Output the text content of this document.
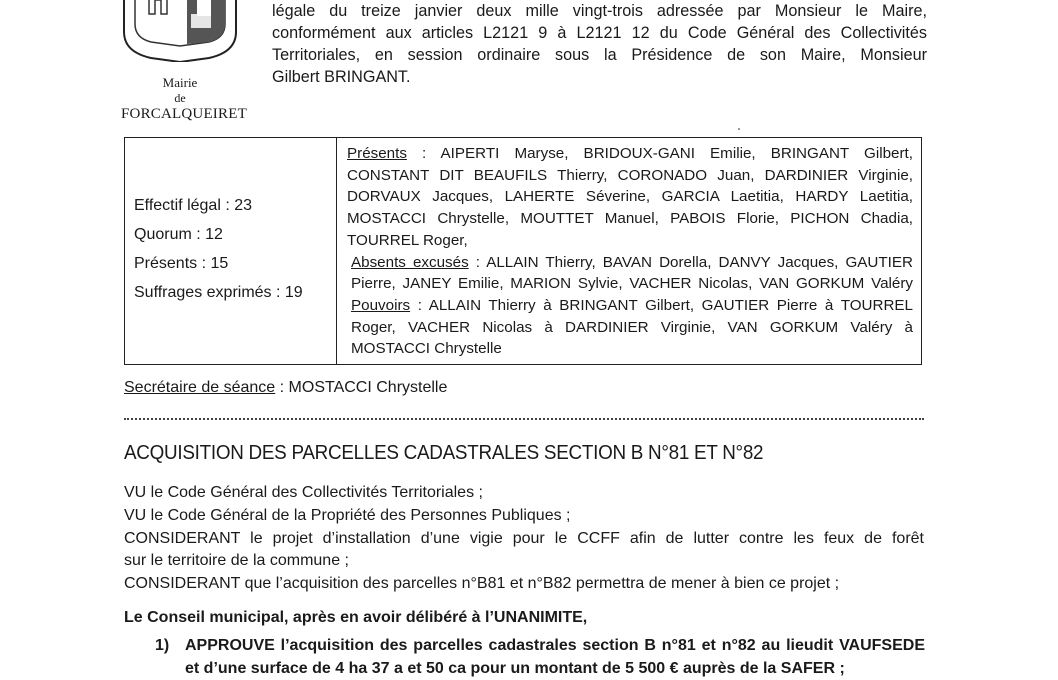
Mairie
de
FORCALQUEIRET
légale du treize janvier deux mille vingt-trois adressée par Monsieur le Maire,
conformément aux articles L2121 9 à L2121 12 du Code Général des Collectivités
Territoriales, en session ordinaire sous la Présidence de son Maire, Monsieur
Gilbert BRINGANT.
Effectif légal : 23
Quorum : 12
Présents : 15
Suffrages exprimés : 19
Présents : AIPERTI Maryse, BRIDOUX-GANI Emilie, BRINGANT Gilbert,
CONSTANT DIT BEAUFILS Thierry, CORONADO Juan, DARDINIER Virginie,
DORVAUX Jacques, LAHERTE Séverine, GARCIA Laetitia, HARDY Laetitia,
MOSTACCI Chrystelle, MOUTTET Manuel, PABOIS Florie, PICHON Chadia,
TOURREL Roger,
Absents excusés : ALLAIN Thierry, BAVAN Dorella, DANVY Jacques, GAUTIER
Pierre, JANEY Emilie, MARION Sylvie, VACHER Nicolas, VAN GORKUM Valéry
Pouvoirs : ALLAIN Thierry à BRINGANT Gilbert, GAUTIER Pierre à TOURREL
Roger, VACHER Nicolas à DARDINIER Virginie, VAN GORKUM Valéry à
MOSTACCI Chrystelle
Secrétaire de séance : MOSTACCI Chrystelle
ACQUISITION DES PARCELLES CADASTRALES SECTION B N°81 ET N°82
VU le Code Général des Collectivités Territoriales ;
VU le Code Général de la Propriété des Personnes Publiques ;
CONSIDERANT le projet d’installation d’une vigie pour le CCFF afin de lutter contre les feux de forêt
sur le territoire de la commune ;
CONSIDERANT que l’acquisition des parcelles n°B81 et n°B82 permettra de mener à bien ce projet ;
Le Conseil municipal, après en avoir délibéré à l’UNANIMITE,
1) APPROUVE l’acquisition des parcelles cadastrales section B n°81 et n°82 au lieudit VAUFSEDE
et d’une surface de 4 ha 37 a et 50 ca pour un montant de 5 500 € auprès de la SAFER ;
